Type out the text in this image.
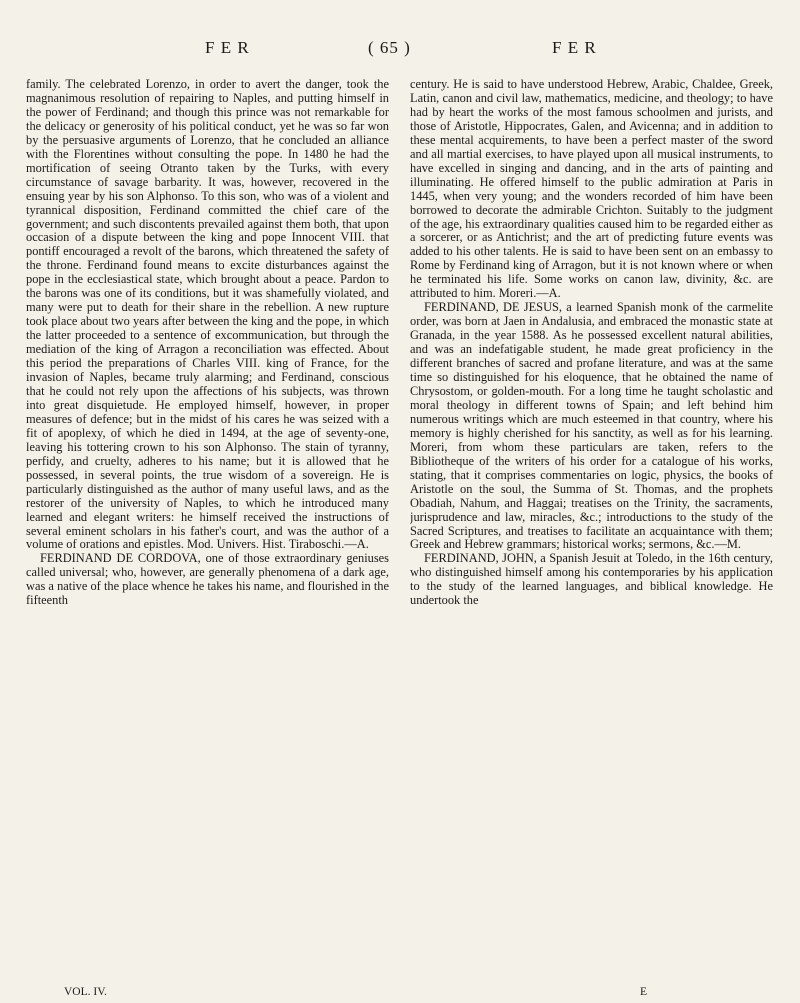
F E R	( 65 )	F E R

family. The celebrated Lorenzo, in order to avert the danger, took the magnanimous resolution of repairing to Naples, and putting himself in the power of Ferdinand; and though this prince was not remarkable for the delicacy or generosity of his political conduct, yet he was so far won by the persuasive arguments of Lorenzo, that he concluded an alliance with the Florentines without consulting the pope. In 1480 he had the mortification of seeing Otranto taken by the Turks, with every circumstance of savage barbarity. It was, however, recovered in the ensuing year by his son Alphonso. To this son, who was of a violent and tyrannical disposition, Ferdinand committed the chief care of the government; and such discontents prevailed against them both, that upon occasion of a dispute between the king and pope Innocent VIII. that pontiff encouraged a revolt of the barons, which threatened the safety of the throne. Ferdinand found means to excite disturbances against the pope in the ecclesiastical state, which brought about a peace. Pardon to the barons was one of its conditions, but it was shamefully violated, and many were put to death for their share in the rebellion. A new rupture took place about two years after between the king and the pope, in which the latter proceeded to a sentence of excommunication, but through the mediation of the king of Arragon a reconciliation was effected. About this period the preparations of Charles VIII. king of France, for the invasion of Naples, became truly alarming; and Ferdinand, conscious that he could not rely upon the affections of his subjects, was thrown into great disquietude. He employed himself, however, in proper measures of defence; but in the midst of his cares he was seized with a fit of apoplexy, of which he died in 1494, at the age of seventy-one, leaving his tottering crown to his son Alphonso. The stain of tyranny, perfidy, and cruelty, adheres to his name; but it is allowed that he possessed, in several points, the true wisdom of a sovereign. He is particularly distinguished as the author of many useful laws, and as the restorer of the university of Naples, to which he introduced many learned and elegant writers: he himself received the instructions of several eminent scholars in his father's court, and was the author of a volume of orations and epistles. Mod. Univers. Hist. Tiraboschi.—A.

FERDINAND DE CORDOVA, one of those extraordinary geniuses called universal; who, however, are generally phenomena of a dark age, was a native of the place whence he takes his name, and flourished in the fifteenth

century. He is said to have understood Hebrew, Arabic, Chaldee, Greek, Latin, canon and civil law, mathematics, medicine, and theology; to have had by heart the works of the most famous schoolmen and jurists, and those of Aristotle, Hippocrates, Galen, and Avicenna; and in addition to these mental acquirements, to have been a perfect master of the sword and all martial exercises, to have played upon all musical instruments, to have excelled in singing and dancing, and in the arts of painting and illuminating. He offered himself to the public admiration at Paris in 1445, when very young; and the wonders recorded of him have been borrowed to decorate the admirable Crichton. Suitably to the judgment of the age, his extraordinary qualities caused him to be regarded either as a sorcerer, or as Antichrist; and the art of predicting future events was added to his other talents. He is said to have been sent on an embassy to Rome by Ferdinand king of Arragon, but it is not known where or when he terminated his life. Some works on canon law, divinity, &c. are attributed to him. Moreri.—A.

FERDINAND, DE JESUS, a learned Spanish monk of the carmelite order, was born at Jaen in Andalusia, and embraced the monastic state at Granada, in the year 1588. As he possessed excellent natural abilities, and was an indefatigable student, he made great proficiency in the different branches of sacred and profane literature, and was at the same time so distinguished for his eloquence, that he obtained the name of Chrysostom, or golden-mouth. For a long time he taught scholastic and moral theology in different towns of Spain; and left behind him numerous writings which are much esteemed in that country, where his memory is highly cherished for his sanctity, as well as for his learning. Moreri, from whom these particulars are taken, refers to the Bibliotheque of the writers of his order for a catalogue of his works, stating, that it comprises commentaries on logic, physics, the books of Aristotle on the soul, the Summa of St. Thomas, and the prophets Obadiah, Nahum, and Haggai; treatises on the Trinity, the sacraments, jurisprudence and law, miracles, &c.; introductions to the study of the Sacred Scriptures, and treatises to facilitate an acquaintance with them; Greek and Hebrew grammars; historical works; sermons, &c.—M.

FERDINAND, JOHN, a Spanish Jesuit at Toledo, in the 16th century, who distinguished himself among his contemporaries by his application to the study of the learned languages, and biblical knowledge. He undertook the

VOL. IV.	E
